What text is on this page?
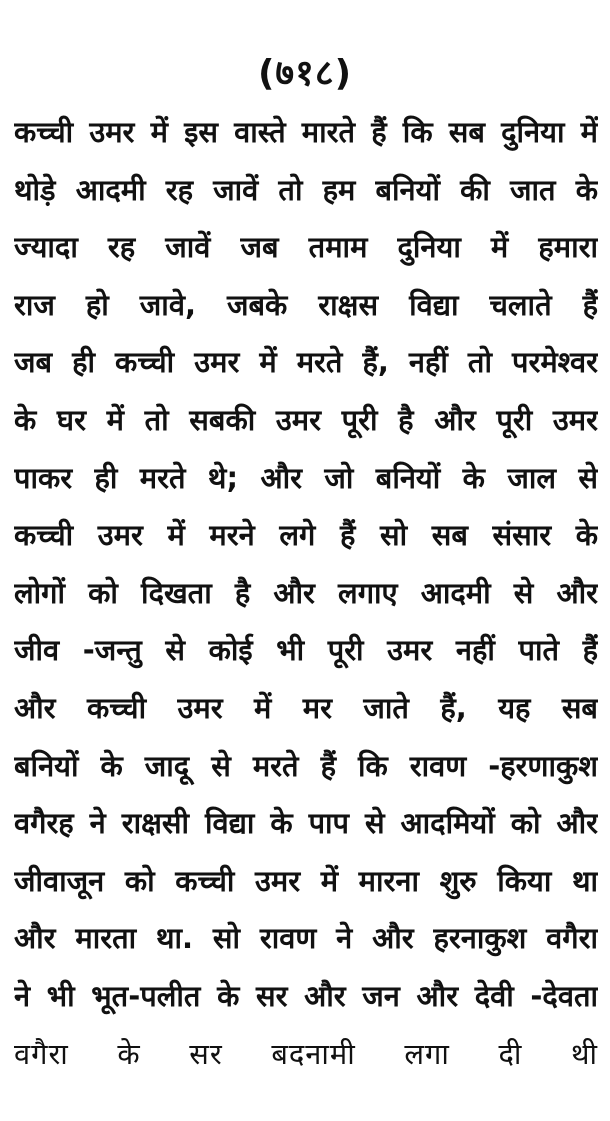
(७१८)
कच्ची उमर में इस वास्ते मारते हैं कि सब दुनिया में
थोड़े आदमी रह जावें तो हम बनियों की जात के
ज्यादा रह जावें जब तमाम दुनिया में हमारा
राज हो जावे, जबके राक्षस विद्या चलाते हैं
जब ही कच्ची उमर में मरते हैं, नहीं तो परमेश्वर
के घर में तो सबकी उमर पूरी है और पूरी उमर
पाकर ही मरते थे; और जो बनियों के जाल से
कच्ची उमर में मरने लगे हैं सो सब संसार के
लोगों को दिखता है और लगाए आदमी से और
जीव -जन्तु से कोई भी पूरी उमर नहीं पाते हैं
और कच्ची उमर में मर जाते हैं, यह सब
बनियों के जादू से मरते हैं कि रावण -हरणाकुश
वगैरह ने राक्षसी विद्या के पाप से आदमियों को और
जीवाजून को कच्ची उमर में मारना शुरु किया था
और मारता था. सो रावण ने और हरनाकुश वगैरा
ने भी भूत-पलीत के सर और जन और देवी -देवता
वगैरा के सर बदनामी लगा दी थी
